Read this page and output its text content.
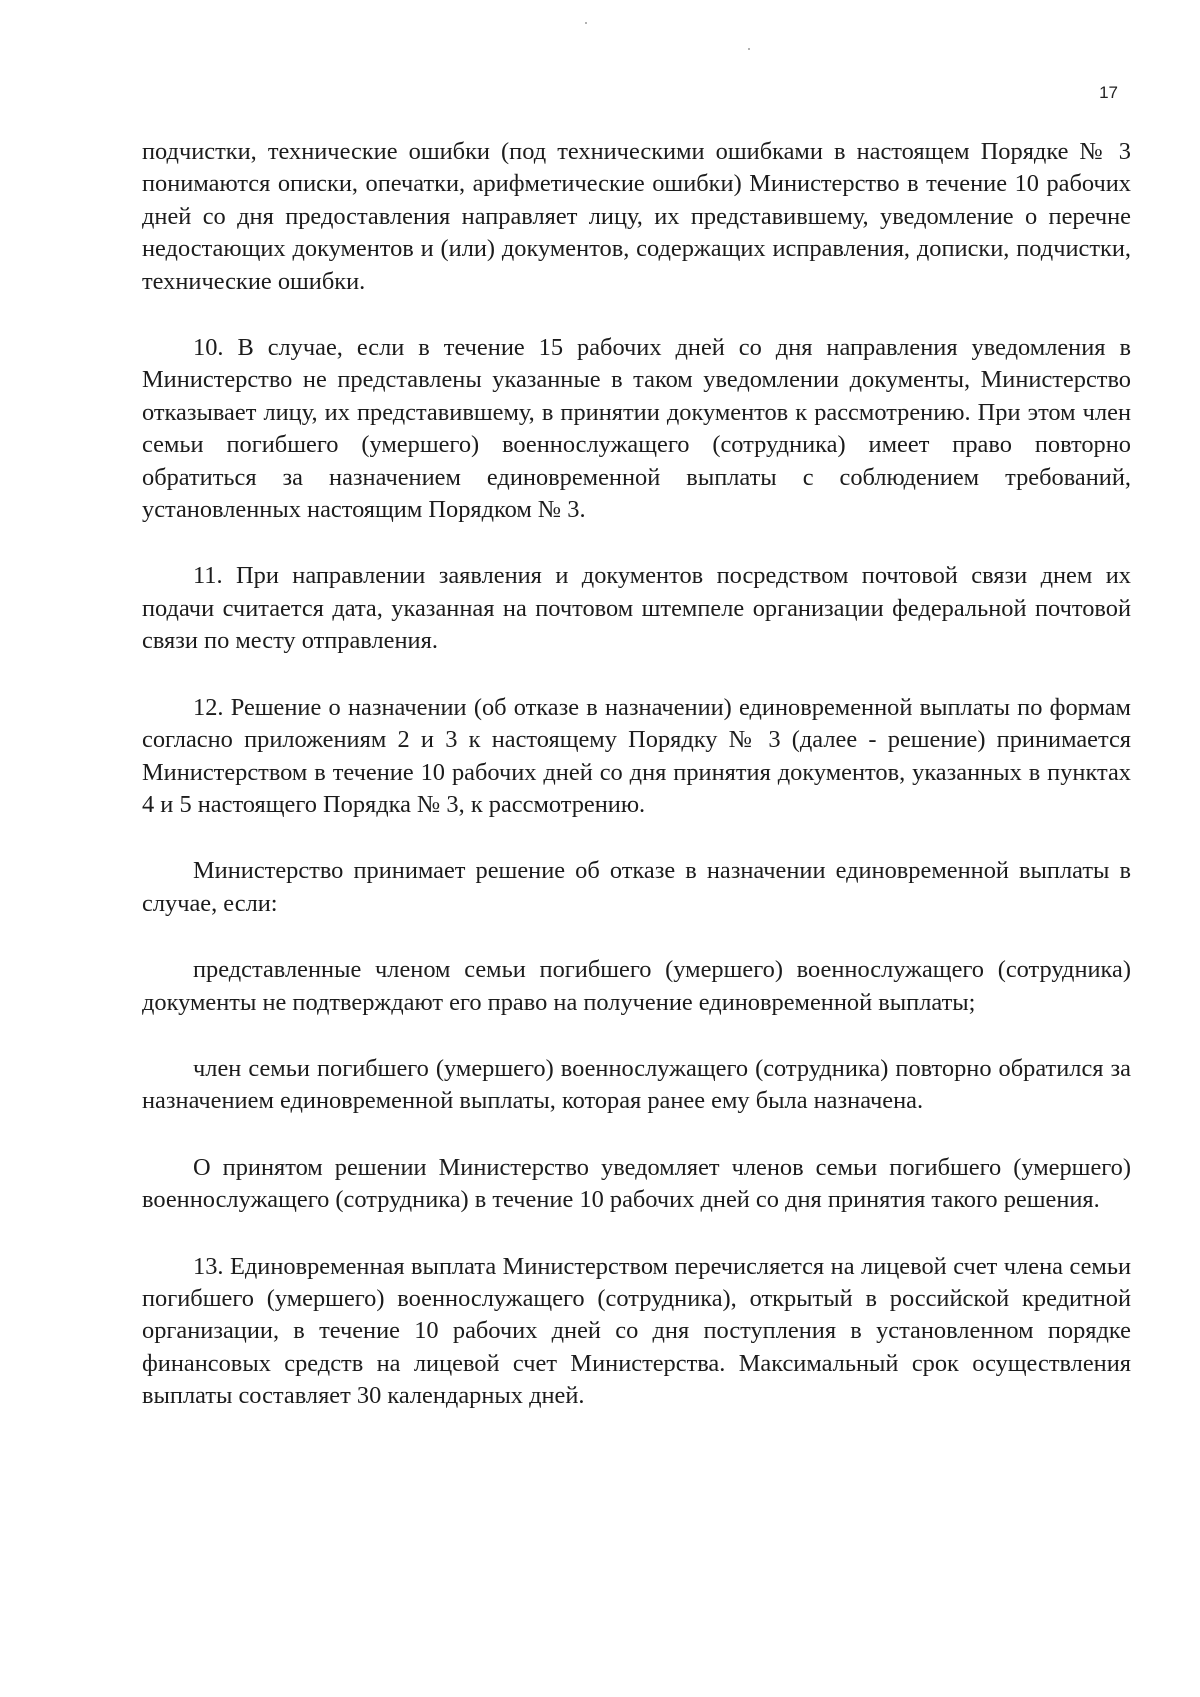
17

подчистки, технические ошибки (под техническими ошибками в настоящем Порядке № 3 понимаются описки, опечатки, арифметические ошибки) Министерство в течение 10 рабочих дней со дня предоставления направляет лицу, их представившему, уведомление о перечне недостающих документов и (или) документов, содержащих исправления, дописки, подчистки, технические ошибки.

10. В случае, если в течение 15 рабочих дней со дня направления уведомления в Министерство не представлены указанные в таком уведомлении документы, Министерство отказывает лицу, их представившему, в принятии документов к рассмотрению. При этом член семьи погибшего (умершего) военнослужащего (сотрудника) имеет право повторно обратиться за назначением единовременной выплаты с соблюдением требований, установленных настоящим Порядком № 3.

11. При направлении заявления и документов посредством почтовой связи днем их подачи считается дата, указанная на почтовом штемпеле организации федеральной почтовой связи по месту отправления.

12. Решение о назначении (об отказе в назначении) единовременной выплаты по формам согласно приложениям 2 и 3 к настоящему Порядку № 3 (далее - решение) принимается Министерством в течение 10 рабочих дней со дня принятия документов, указанных в пунктах 4 и 5 настоящего Порядка № 3, к рассмотрению.

Министерство принимает решение об отказе в назначении единовременной выплаты в случае, если:

представленные членом семьи погибшего (умершего) военнослужащего (сотрудника) документы не подтверждают его право на получение единовременной выплаты;

член семьи погибшего (умершего) военнослужащего (сотрудника) повторно обратился за назначением единовременной выплаты, которая ранее ему была назначена.

О принятом решении Министерство уведомляет членов семьи погибшего (умершего) военнослужащего (сотрудника) в течение 10 рабочих дней со дня принятия такого решения.

13. Единовременная выплата Министерством перечисляется на лицевой счет члена семьи погибшего (умершего) военнослужащего (сотрудника), открытый в российской кредитной организации, в течение 10 рабочих дней со дня поступления в установленном порядке финансовых средств на лицевой счет Министерства. Максимальный срок осуществления выплаты составляет 30 календарных дней.
